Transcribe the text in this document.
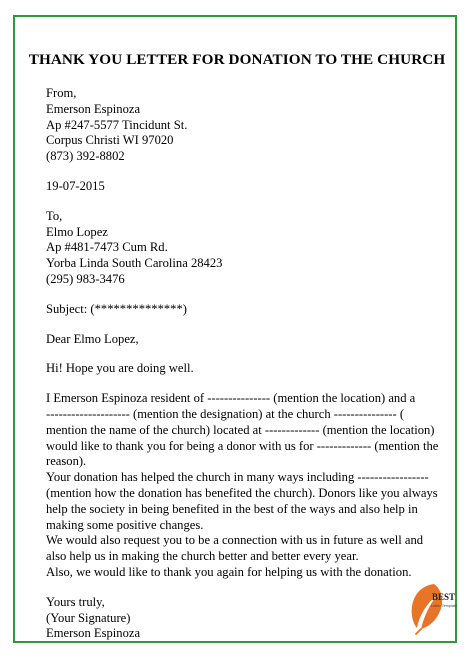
THANK YOU LETTER FOR DONATION TO THE CHURCH
From,
Emerson Espinoza
Ap #247-5577 Tincidunt St.
Corpus Christi WI 97020
(873) 392-8802
19-07-2015
To,
Elmo Lopez
Ap #481-7473 Cum Rd.
Yorba Linda South Carolina 28423
(295) 983-3476
Subject: (**************)
Dear Elmo Lopez,
Hi! Hope you are doing well.
I Emerson Espinoza resident of --------------- (mention the location) and a
-------------------- (mention the designation) at the church --------------- (
mention the name of the church) located at ------------- (mention the location)
would like to thank you for being a donor with us for ------------- (mention the
reason).
Your donation has helped the church in many ways including -----------------
(mention how the donation has benefited the church). Donors like you always
help the society in being benefited in the best of the ways and also help in
making some positive changes.
We would also request you to be a connection with us in future as well and
also help us in making the church better and better every year.
Also, we would like to thank you again for helping us with the donation.
Yours truly,
(Your Signature)
Emerson Espinoza
BEST
Letter Template
